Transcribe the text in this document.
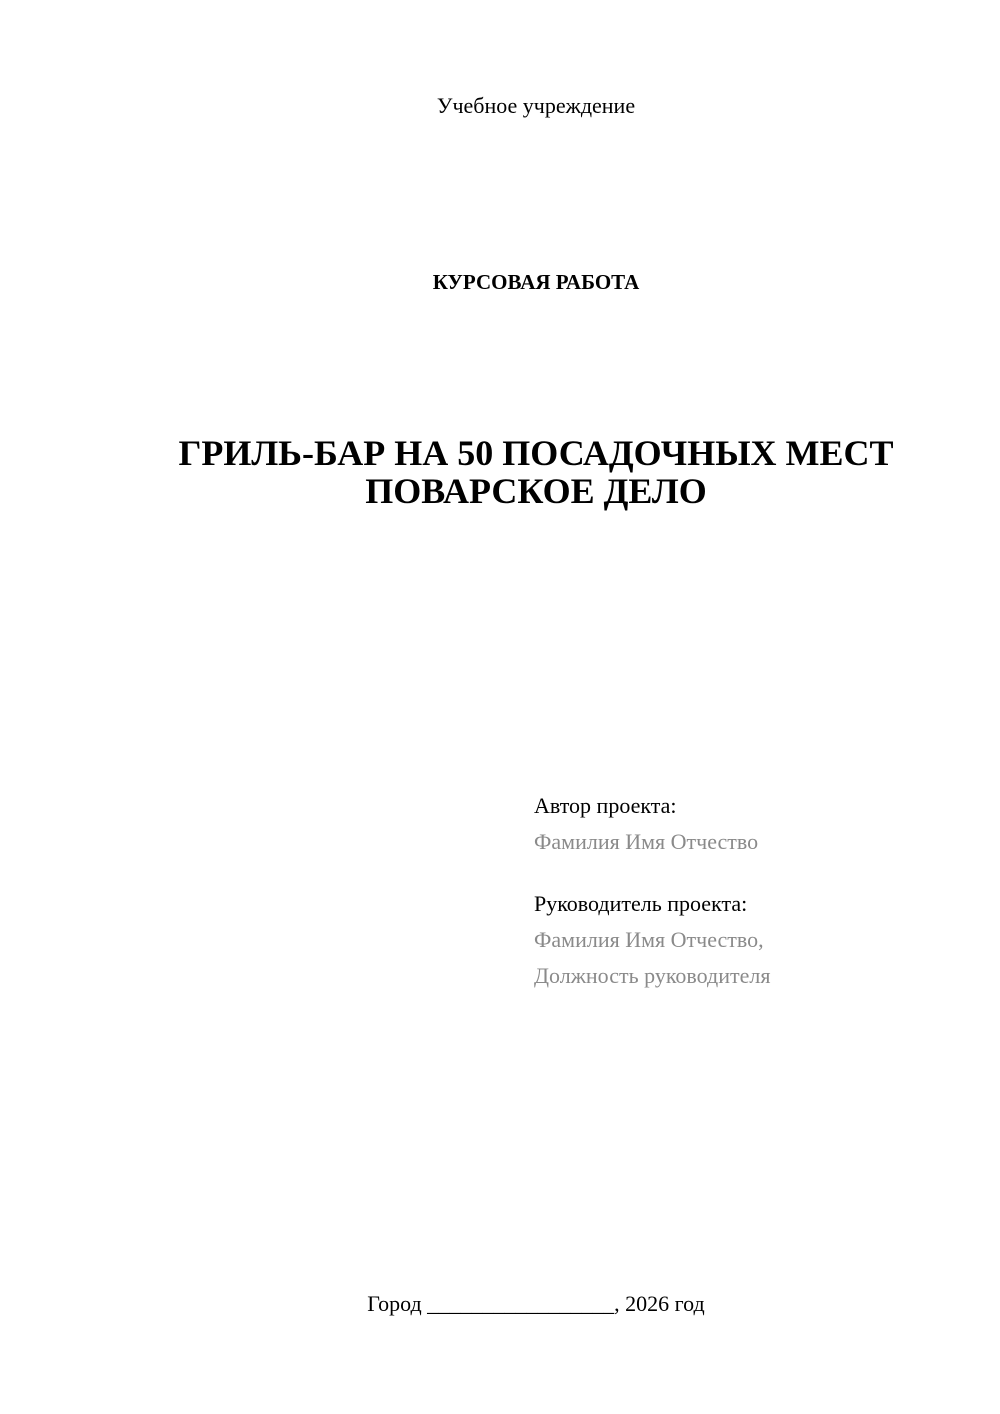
Учебное учреждение
КУРСОВАЯ РАБОТА
ГРИЛЬ-БАР НА 50 ПОСАДОЧНЫХ МЕСТ
ПОВАРСКОЕ ДЕЛО
Автор проекта:
Фамилия Имя Отчество
Руководитель проекта:
Фамилия Имя Отчество,
Должность руководителя
Город _________________, 2026 год
